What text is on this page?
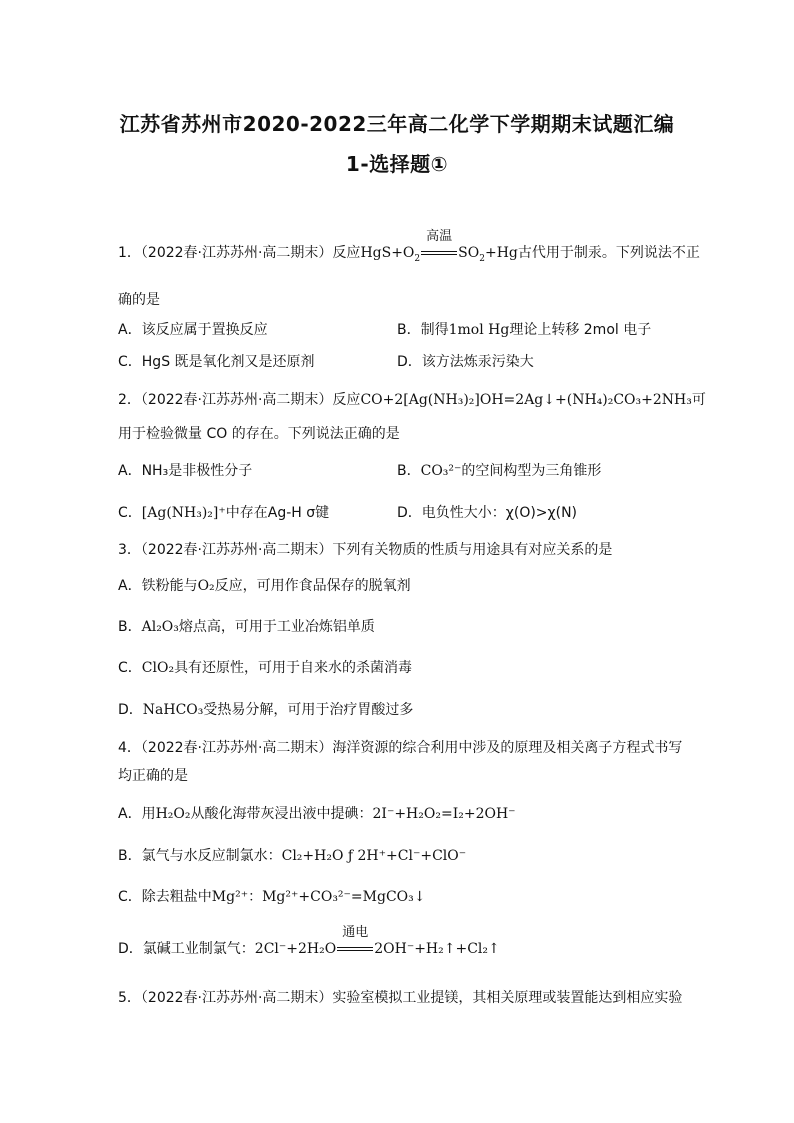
江苏省苏州市2020-2022三年高二化学下学期期末试题汇编
1-选择题①
1．（2022春·江苏苏州·高二期末）反应$HgS+O_2$
高温
$SO_2+Hg$古代用于制汞。下列说法不正
确的是
A．该反应属于置换反应	B．制得1mol Hg理论上转移 2mol 电子
C．HgS 既是氧化剂又是还原剂	D．该方法炼汞污染大
2．（2022春·江苏苏州·高二期末）反应CO+2[Ag(NH₃)₂]OH=2Ag↓+(NH₄)₂CO₃+2NH₃可
用于检验微量 CO 的存在。下列说法正确的是
A．NH₃是非极性分子	B．CO₃²⁻的空间构型为三角锥形
C．[Ag(NH₃)₂]⁺中存在Ag-H σ键	D．电负性大小：χ(O)>χ(N)
3．（2022春·江苏苏州·高二期末）下列有关物质的性质与用途具有对应关系的是
A．铁粉能与O₂反应，可用作食品保存的脱氧剂
B．Al₂O₃熔点高，可用于工业冶炼铝单质
C．ClO₂具有还原性，可用于自来水的杀菌消毒
D．NaHCO₃受热易分解，可用于治疗胃酸过多
4．（2022春·江苏苏州·高二期末）海洋资源的综合利用中涉及的原理及相关离子方程式书写
均正确的是
A．用H₂O₂从酸化海带灰浸出液中提碘：2I⁻+H₂O₂=I₂+2OH⁻
B．氯气与水反应制氯水：Cl₂+H₂O ƒ 2H⁺+Cl⁻+ClO⁻
C．除去粗盐中Mg²⁺：Mg²⁺+CO₃²⁻=MgCO₃↓
D．氯碱工业制氯气：2Cl⁻+2H₂O
通电
2OH⁻+H₂↑+Cl₂↑
5．（2022春·江苏苏州·高二期末）实验室模拟工业提镁，其相关原理或装置能达到相应实验
